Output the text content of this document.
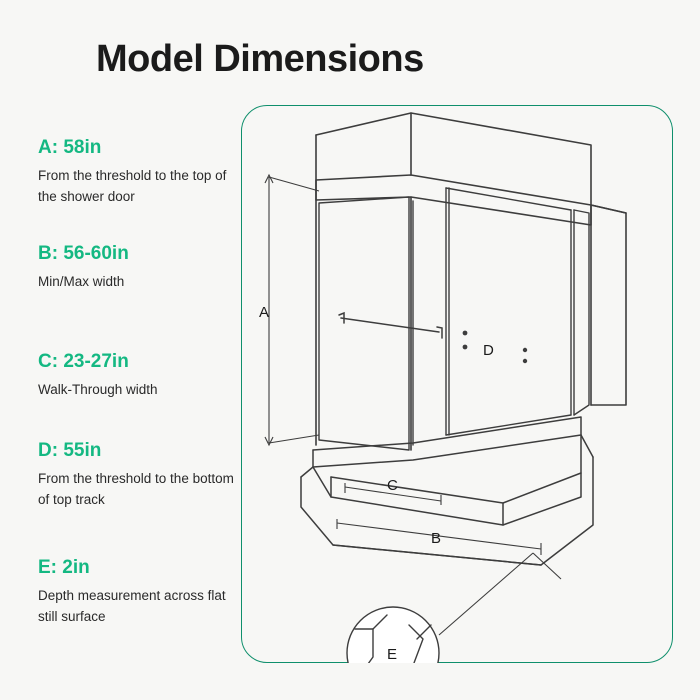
Model Dimensions
A: 58in
From the threshold to the top of the shower door
B: 56-60in
Min/Max width
C: 23-27in
Walk-Through width
D: 55in
From the threshold to the bottom of top track
E: 2in
Depth measurement across flat still surface
A
B
C
D
E
